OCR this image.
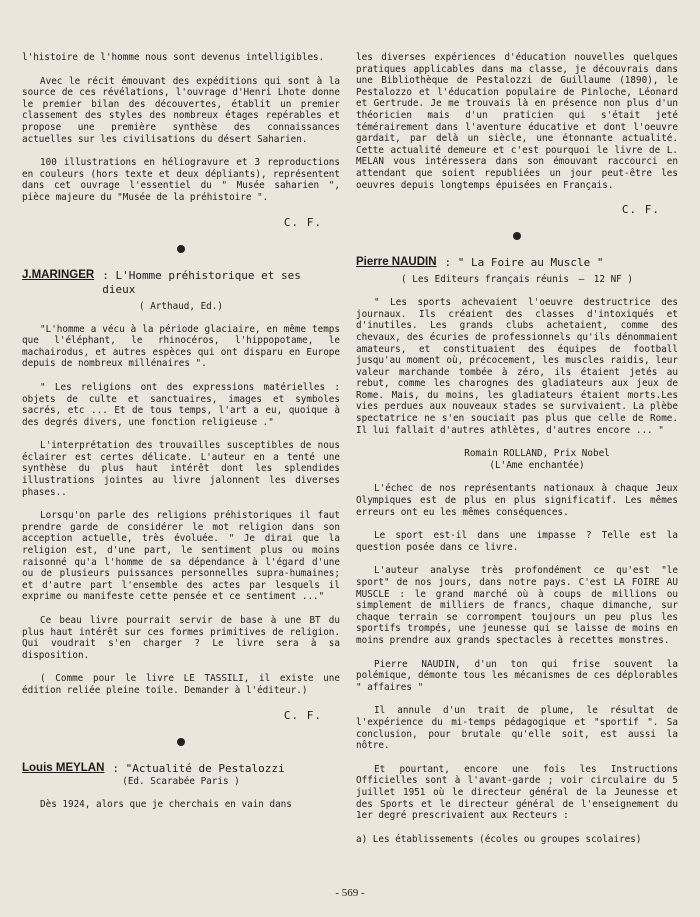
l'histoire de l'homme nous sont devenus intelligibles.

Avec le récit émouvant des expéditions qui sont à la source de ces révélations, l'ouvrage d'Henri Lhote donne le premier bilan des découvertes, établit un premier classement des styles des nombreux étages repérables et propose une première synthèse des connaissances actuelles sur les civilisations du désert Saharien.

100 illustrations en héliogravure et 3 reproductions en couleurs (hors texte et deux dépliants), représentent dans cet ouvrage l'essentiel du " Musée saharien ", pièce majeure du "Musée de la préhistoire ".

C. F.
J.MARINGER : L'Homme préhistorique et ses dieux
( Arthaud, Ed.)

"L'homme a vécu à la période glaciaire, en même temps que l'éléphant, le rhinocéros, l'hippopotame, le machairodus, et autres espèces qui ont disparu en Europe depuis de nombreux millénaires ".

" Les religions ont des expressions matérielles : objets de culte et sanctuaires, images et symboles sacrés, etc ... Et de tous temps, l'art a eu, quoique à des degrés divers, une fonction religieuse ."

L'interprétation des trouvailles susceptibles de nous éclairer est certes délicate. L'auteur en a tenté une synthèse du plus haut intérêt dont les splendides illustrations jointes au livre jalonnent les diverses phases..

Lorsqu'on parle des religions préhistoriques il faut prendre garde de considérer le mot religion dans son acception actuelle, très évoluée. " Je dirai que la religion est, d'une part, le sentiment plus ou moins raisonné qu'a l'homme de sa dépendance à l'égard d'une ou de plusieurs puissances personnelles supra-humaines; et d'autre part l'ensemble des actes par lesquels il exprime ou manifeste cette pensée et ce sentiment ..."

Ce beau livre pourrait servir de base à une BT du plus haut intérêt sur ces formes primitives de religion. Qui voudrait s'en charger ? Le livre sera à sa disposition.

( Comme pour le livre LE TASSILI, il existe une édition reliée pleine toile. Demander à l'éditeur.)

C. F.
Louis MEYLAN : "Actualité de Pestalozzi
(Ed. Scarabée Paris )

Dès 1924, alors que je cherchais en vain dans

les diverses expériences d'éducation nouvelles quelques pratiques applicables dans ma classe, je découvrais dans une Bibliothèque de Pestalozzi de Guillaume (1890), le Pestalozzo et l'éducation populaire de Pinloche, Léonard et Gertrude. Je me trouvais là en présence non plus d'un théoricien mais d'un praticien qui s'était jeté témérairement dans l'aventure éducative et dont l'oeuvre gardait, par delà un siècle, une étonnante actualité. Cette actualité demeure et c'est pourquoi le livre de L. MELAN vous intéressera dans son émouvant raccourci en attendant que soient republiées un jour peut-être les oeuvres depuis longtemps épuisées en Français.

C. F.
Pierre NAUDIN : " La Foire au Muscle "
( Les Editeurs français réunis – 12 NF )

" Les sports achevaient l'oeuvre destructrice des journaux. Ils créaient des classes d'intoxiqués et d'inutiles. Les grands clubs achetaient, comme des chevaux, des écuries de professionnels qu'ils dénommaient amateurs, et constituaient des équipes de football jusqu'au moment où, précocement, les muscles raidis, leur valeur marchande tombée à zéro, ils étaient jetés au rebut, comme les charognes des gladiateurs aux jeux de Rome. Mais, du moins, les gladiateurs étaient morts.Les vies perdues aux nouveaux stades se survivaient. La plèbe spectatrice ne s'en souciait pas plus que celle de Rome. Il lui fallait d'autres athlètes, d'autres encore ... "

Romain ROLLAND, Prix Nobel
(L'Ame enchantée)

L'échec de nos représentants nationaux à chaque Jeux Olympiques est de plus en plus significatif. Les mêmes erreurs ont eu les mêmes conséquences.

Le sport est-il dans une impasse ? Telle est la question posée dans ce livre.

L'auteur analyse très profondément ce qu'est "le sport" de nos jours, dans notre pays. C'est LA FOIRE AU MUSCLE : le grand marché où à coups de millions ou simplement de milliers de francs, chaque dimanche, sur chaque terrain se corrompent toujours un peu plus les sportifs trompés, une jeunesse qui se laisse de moins en moins prendre aux grands spectacles à recettes monstres.

Pierre NAUDIN, d'un ton qui frise souvent la polémique, démonte tous les mécanismes de ces déplorables " affaires "

Il annule d'un trait de plume, le résultat de l'expérience du mi-temps pédagogique et "sportif ". Sa conclusion, pour brutale qu'elle soit, est aussi la nôtre.

Et pourtant, encore une fois les Instructions Officielles sont à l'avant-garde ; voir circulaire du 5 juillet 1951 où le directeur général de la Jeunesse et des Sports et le directeur général de l'enseignement du 1er degré prescrivaient aux Recteurs :

a) Les établissements (écoles ou groupes scolaires)

- 569 -
